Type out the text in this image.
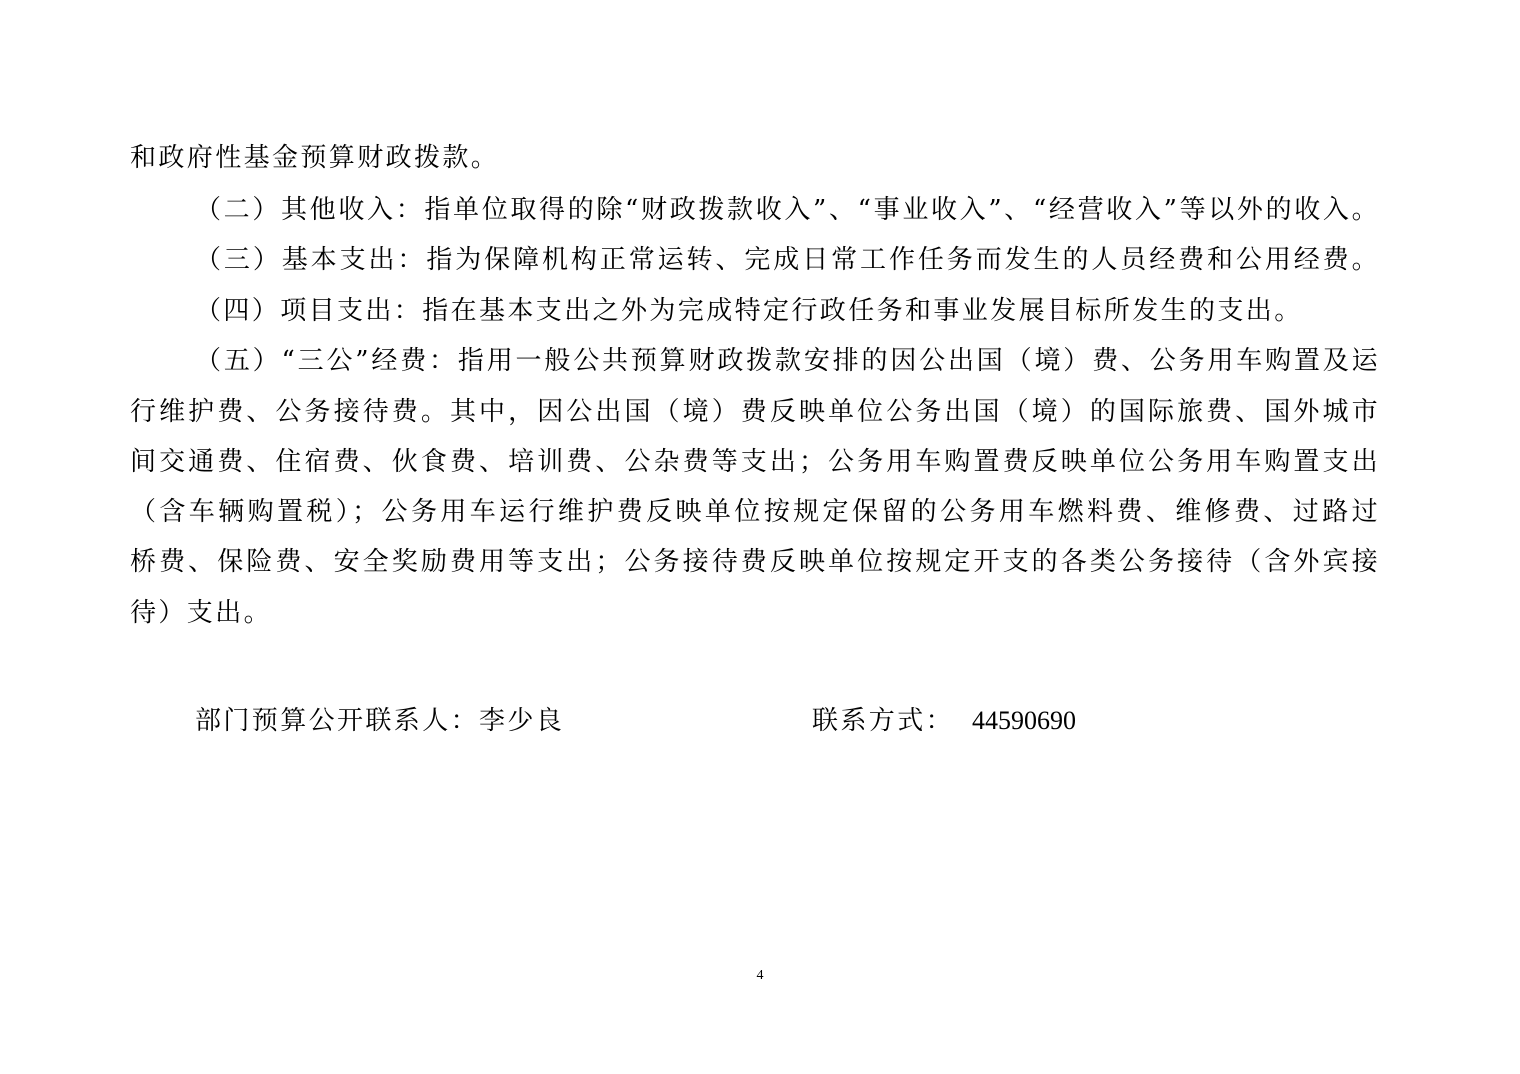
和政府性基金预算财政拨款。
（二）其他收入：指单位取得的除“财政拨款收入”、“事业收入”、“经营收入”等以外的收入。
（三）基本支出：指为保障机构正常运转、完成日常工作任务而发生的人员经费和公用经费。
（四）项目支出：指在基本支出之外为完成特定行政任务和事业发展目标所发生的支出。
（五）“三公”经费：指用一般公共预算财政拨款安排的因公出国（境）费、公务用车购置及运
行维护费、公务接待费。其中，因公出国（境）费反映单位公务出国（境）的国际旅费、国外城市
间交通费、住宿费、伙食费、培训费、公杂费等支出；公务用车购置费反映单位公务用车购置支出
（含车辆购置税）；公务用车运行维护费反映单位按规定保留的公务用车燃料费、维修费、过路过
桥费、保险费、安全奖励费用等支出；公务接待费反映单位按规定开支的各类公务接待（含外宾接
待）支出。
部门预算公开联系人：李少良	联系方式： 44590690
4
